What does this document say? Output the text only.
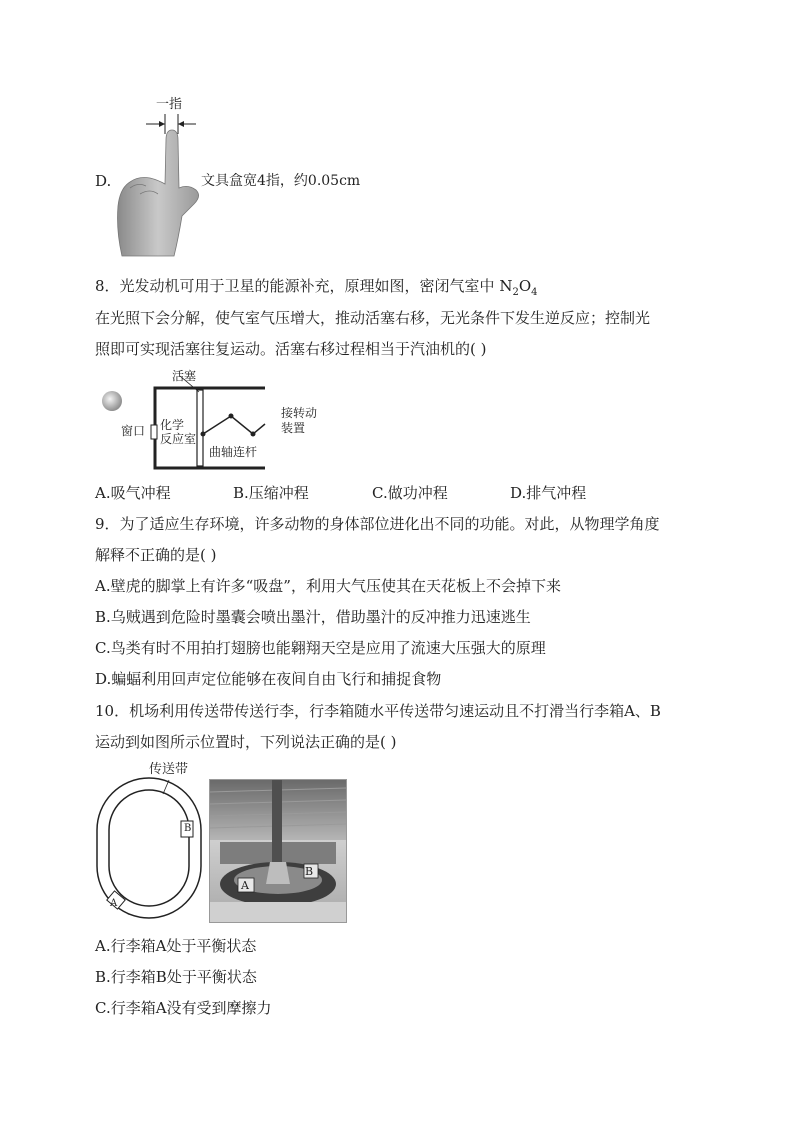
D.
一指
文具盒宽4指，约0.05cm
8．光发动机可用于卫星的能源补充，原理如图，密闭气室中 $N_2O_4$
在光照下会分解，使气室气压增大，推动活塞右移，无光条件下发生逆反应；控制光
照即可实现活塞往复运动。活塞右移过程相当于汽油机的( )
活塞
窗口 化学
反应室
曲轴连杆
接转动
装置
A.吸气冲程	B.压缩冲程	C.做功冲程	D.排气冲程
9．为了适应生存环境，许多动物的身体部位进化出不同的功能。对此，从物理学角度
解释不正确的是( )
A.壁虎的脚掌上有许多“吸盘”，利用大气压使其在天花板上不会掉下来
B.乌贼遇到危险时墨囊会喷出墨汁，借助墨汁的反冲推力迅速逃生
C.鸟类有时不用拍打翅膀也能翱翔天空是应用了流速大压强大的原理
D.蝙蝠利用回声定位能够在夜间自由飞行和捕捉食物
10．机场利用传送带传送行李，行李箱随水平传送带匀速运动且不打滑当行李箱A、B
运动到如图所示位置时，下列说法正确的是( )
传送带
B
A
A
B
A.行李箱A处于平衡状态
B.行李箱B处于平衡状态
C.行李箱A没有受到摩擦力
